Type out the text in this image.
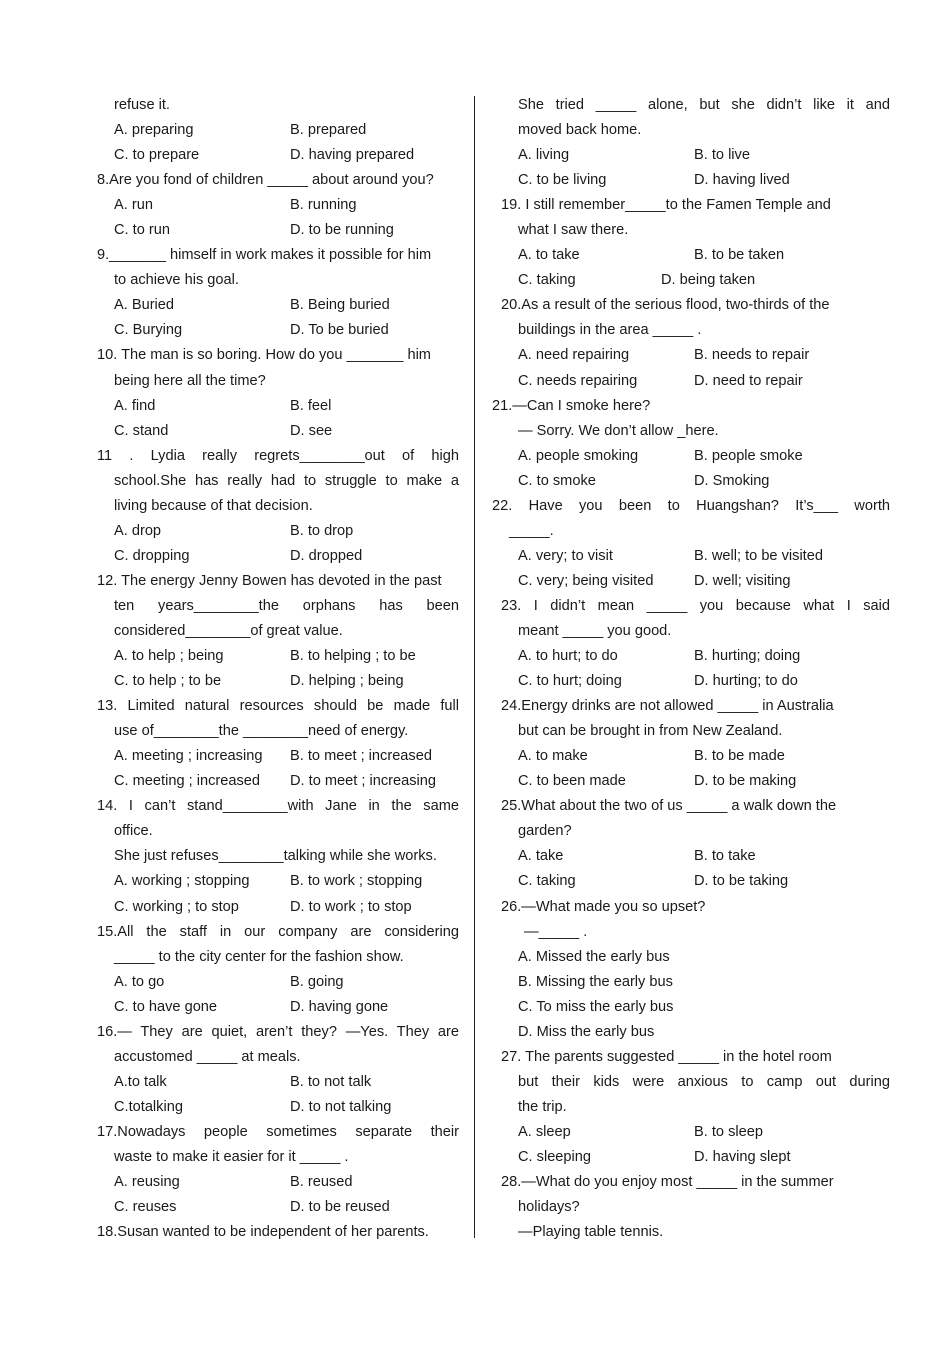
refuse it.
A. preparing	B. prepared
C. to prepare	D. having prepared
8.Are you fond of children _____ about around you?
A. run	B. running
C. to run	D. to be running
9._______ himself in work makes it possible for him
to achieve his goal.
A. Buried	B. Being buried
C. Burying	D. To be buried
10. The man is so boring. How do you _______ him
being here all the time?
A. find	B. feel
C. stand	D. see
11 . Lydia really regrets________out of high
school.She has really had to struggle to make a
living because of that decision.
A. drop	B. to drop
C. dropping	D. dropped
12. The energy Jenny Bowen has devoted in the past
ten years________the orphans has been
considered________of great value.
A. to help ; being	B. to helping ; to be
C. to help ; to be	D. helping ; being
13. Limited natural resources should be made full
use of________the ________need of energy.
A. meeting ; increasing	B. to meet ; increased
C. meeting ; increased	D. to meet ; increasing
14. I can’t stand________with Jane in the same
office.
She just refuses________talking while she works.
A. working ; stopping	B. to work ; stopping
C. working ; to stop	D. to work ; to stop
15.All the staff in our company are considering
_____ to the city center for the fashion show.
A. to go	B. going
C. to have gone	D. having gone
16.— They are quiet, aren’t they? —Yes. They are
accustomed _____ at meals.
A.to talk	B. to not talk
C.totalking	D. to not talking
17.Nowadays people sometimes separate their
waste to make it easier for it _____ .
A. reusing	B. reused
C. reuses	D. to be reused
18.Susan wanted to be independent of her parents.
She tried _____ alone, but she didn’t like it and
moved back home.
A. living	B. to live
C. to be living	D. having lived
19. I still remember_____to the Famen Temple and
what I saw there.
A. to take	B. to be taken
C. taking	D. being taken
20.As a result of the serious flood, two-thirds of the
buildings in the area _____ .
A. need repairing	B. needs to repair
C. needs repairing	D. need to repair
21.—Can I smoke here?
— Sorry. We don’t allow _here.
A. people smoking	B. people smoke
C. to smoke	D. Smoking
22. Have you been to Huangshan? It’s___ worth
_____.
A. very; to visit	B. well; to be visited
C. very; being visited	D. well; visiting
23. I didn’t mean _____ you because what I said
meant _____ you good.
A. to hurt; to do	B. hurting; doing
C. to hurt; doing	D. hurting; to do
24.Energy drinks are not allowed _____ in Australia
but can be brought in from New Zealand.
A. to make	B. to be made
C. to been made	D. to be making
25.What about the two of us _____ a walk down the
garden?
A. take	B. to take
C. taking	D. to be taking
26.—What made you so upset?
—_____ .
A. Missed the early bus
B. Missing the early bus
C. To miss the early bus
D. Miss the early bus
27. The parents suggested _____ in the hotel room
but their kids were anxious to camp out during
the trip.
A. sleep	B. to sleep
C. sleeping	D. having slept
28.—What do you enjoy most _____ in the summer
holidays?
—Playing table tennis.
